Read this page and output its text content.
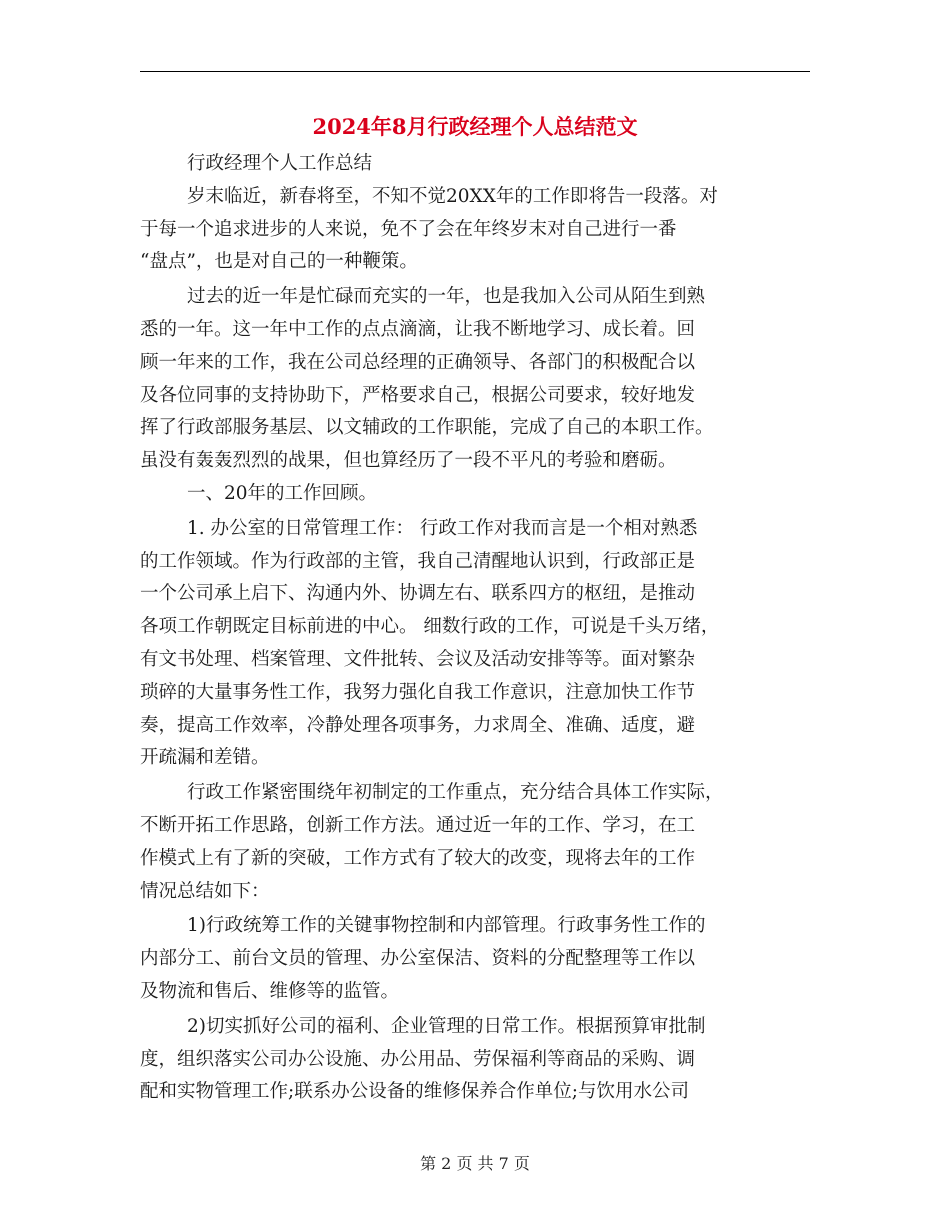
2024年8月行政经理个人总结范文

行政经理个人工作总结

岁末临近，新春将至，不知不觉20XX年的工作即将告一段落。对
于每一个追求进步的人来说，免不了会在年终岁末对自己进行一番
“盘点”，也是对自己的一种鞭策。

过去的近一年是忙碌而充实的一年，也是我加入公司从陌生到熟
悉的一年。这一年中工作的点点滴滴，让我不断地学习、成长着。回
顾一年来的工作，我在公司总经理的正确领导、各部门的积极配合以
及各位同事的支持协助下，严格要求自己，根据公司要求，较好地发
挥了行政部服务基层、以文辅政的工作职能，完成了自己的本职工作。
虽没有轰轰烈烈的战果，但也算经历了一段不平凡的考验和磨砺。

一、20年的工作回顾。

1. 办公室的日常管理工作： 行政工作对我而言是一个相对熟悉
的工作领域。作为行政部的主管，我自己清醒地认识到，行政部正是
一个公司承上启下、沟通内外、协调左右、联系四方的枢纽，是推动
各项工作朝既定目标前进的中心。 细数行政的工作，可说是千头万绪，
有文书处理、档案管理、文件批转、会议及活动安排等等。面对繁杂
琐碎的大量事务性工作，我努力强化自我工作意识，注意加快工作节
奏，提高工作效率，冷静处理各项事务，力求周全、准确、适度，避
开疏漏和差错。

行政工作紧密围绕年初制定的工作重点，充分结合具体工作实际，
不断开拓工作思路，创新工作方法。通过近一年的工作、学习，在工
作模式上有了新的突破，工作方式有了较大的改变，现将去年的工作
情况总结如下：

1)行政统筹工作的关键事物控制和内部管理。行政事务性工作的
内部分工、前台文员的管理、办公室保洁、资料的分配整理等工作以
及物流和售后、维修等的监管。

2)切实抓好公司的福利、企业管理的日常工作。根据预算审批制
度，组织落实公司办公设施、办公用品、劳保福利等商品的采购、调
配和实物管理工作;联系办公设备的维修保养合作单位;与饮用水公司

第 2 页 共 7 页
